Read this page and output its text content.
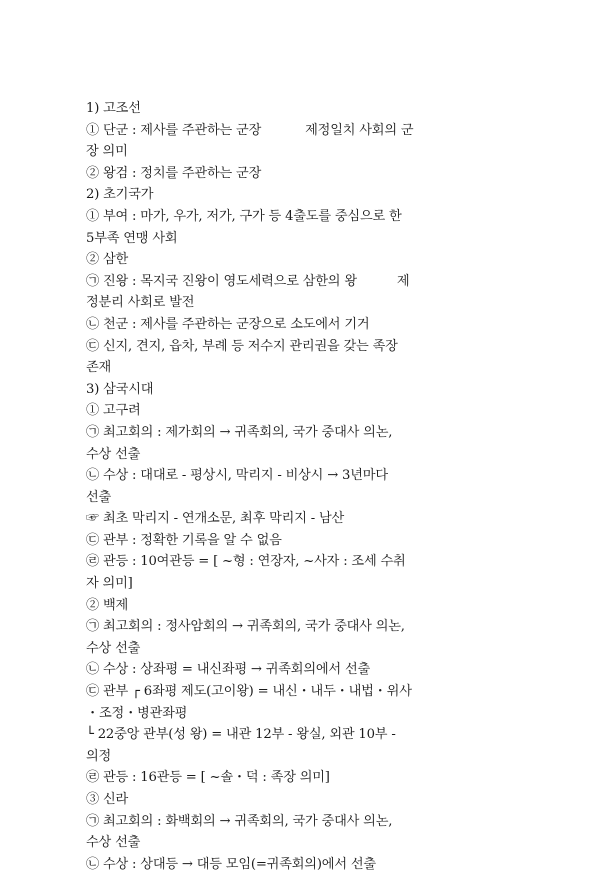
1) 고조선
① 단군 : 제사를 주관하는 군장	제정일치 사회의 군
장 의미
② 왕검 : 정치를 주관하는 군장
2) 초기국가
① 부여 : 마가, 우가, 저가, 구가 등 4출도를 중심으로 한
5부족 연맹 사회
② 삼한
㉠ 진왕 : 목지국 진왕이 영도세력으로 삼한의 왕	제
정분리 사회로 발전
㉡ 천군 : 제사를 주관하는 군장으로 소도에서 기거
㉢ 신지, 견지, 읍차, 부례 등 저수지 관리권을 갖는 족장
존재
3) 삼국시대
① 고구려
㉠ 최고회의 : 제가회의 → 귀족회의, 국가 중대사 의논,
수상 선출
㉡ 수상 : 대대로 - 평상시, 막리지 - 비상시 → 3년마다
선출
☞ 최초 막리지 - 연개소문, 최후 막리지 - 남산
㉢ 관부 : 정확한 기록을 알 수 없음
㉣ 관등 : 10여관등 = [ ~형 : 연장자, ~사자 : 조세 수취
자 의미]
② 백제
㉠ 최고회의 : 정사암회의 → 귀족회의, 국가 중대사 의논,
수상 선출
㉡ 수상 : 상좌평 = 내신좌평 → 귀족회의에서 선출
㉢ 관부 ┌ 6좌평 제도(고이왕) = 내신・내두・내법・위사
・조정・병관좌평
└ 22중앙 관부(성 왕) = 내관 12부 - 왕실, 외관 10부 -
의정
㉣ 관등 : 16관등 = [ ~솔・덕 : 족장 의미]
③ 신라
㉠ 최고회의 : 화백회의 → 귀족회의, 국가 중대사 의논,
수상 선출
㉡ 수상 : 상대등 → 대등 모임(=귀족회의)에서 선출
